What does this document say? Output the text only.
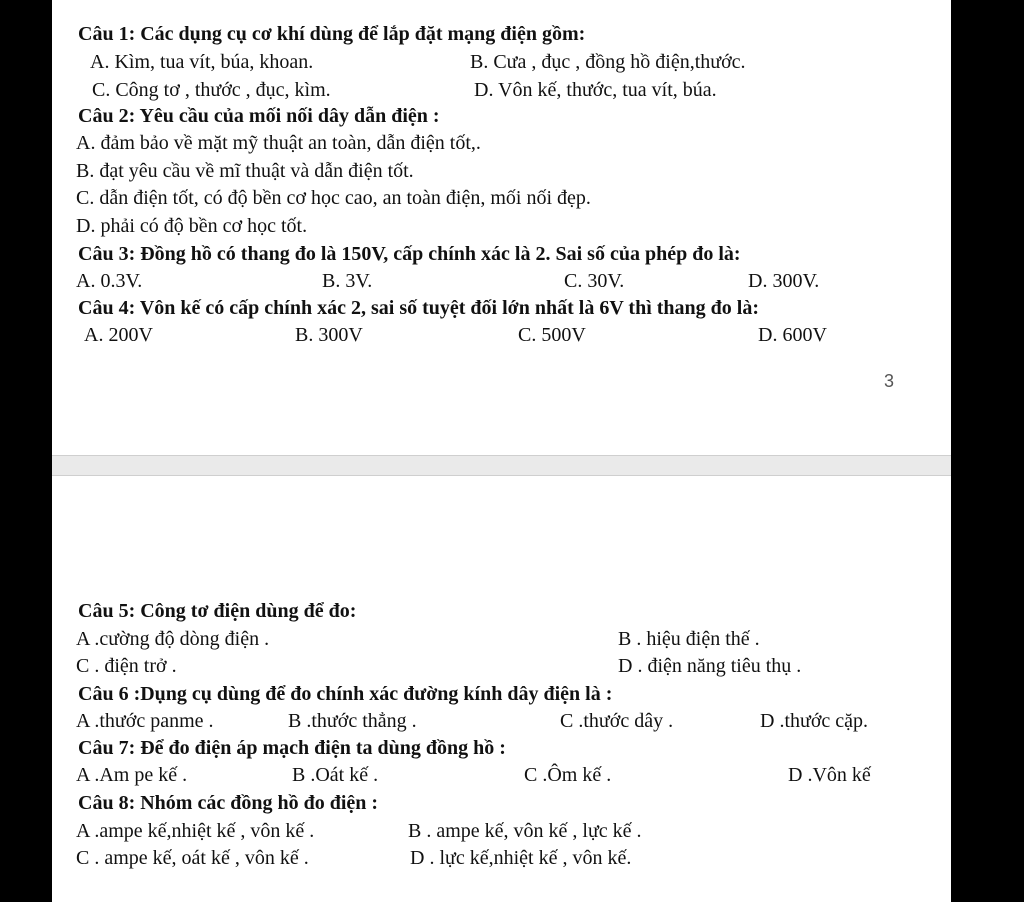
Câu 1: Các dụng cụ cơ khí dùng để lắp đặt mạng điện gồm:
A. Kìm, tua vít, búa, khoan.	B. Cưa , đục , đồng hồ điện,thước.
C. Công tơ , thước , đục, kìm.	D. Vôn kế, thước, tua vít, búa.
Câu 2: Yêu cầu của mối nối dây dẫn điện :
A. đảm bảo về mặt mỹ thuật an toàn, dẫn điện tốt,.
B. đạt yêu cầu về mĩ thuật và dẫn điện tốt.
C. dẫn điện tốt, có độ bền cơ học cao, an toàn điện, mối nối đẹp.
D. phải có độ bền cơ học tốt.
Câu 3: Đồng hồ có thang đo là 150V, cấp chính xác là 2. Sai số của phép đo là:
A. 0.3V.	B. 3V.	C. 30V.	D. 300V.
Câu 4: Vôn kế có cấp chính xác 2, sai số tuyệt đối lớn nhất là 6V thì thang đo là:
A. 200V	B. 300V	C. 500V	D. 600V
3
Câu 5: Công tơ điện dùng để đo:
A .cường độ dòng điện .	B . hiệu điện thế .
C . điện trở .	D . điện năng tiêu thụ .
Câu 6 :Dụng cụ dùng để đo chính xác đường kính dây điện là :
A .thước panme .	B .thước thẳng .	C .thước dây .	D .thước cặp.
Câu 7: Để đo điện áp mạch điện ta dùng đồng hồ :
A .Am pe kế .	B .Oát kế .	C .Ôm kế .	D .Vôn kế
Câu 8: Nhóm các đồng hồ đo điện :
A .ampe kế,nhiệt kế , vôn kế .	B . ampe kế, vôn kế , lực kế .
C . ampe kế, oát kế , vôn kế .	D . lực kế,nhiệt kế , vôn kế.
